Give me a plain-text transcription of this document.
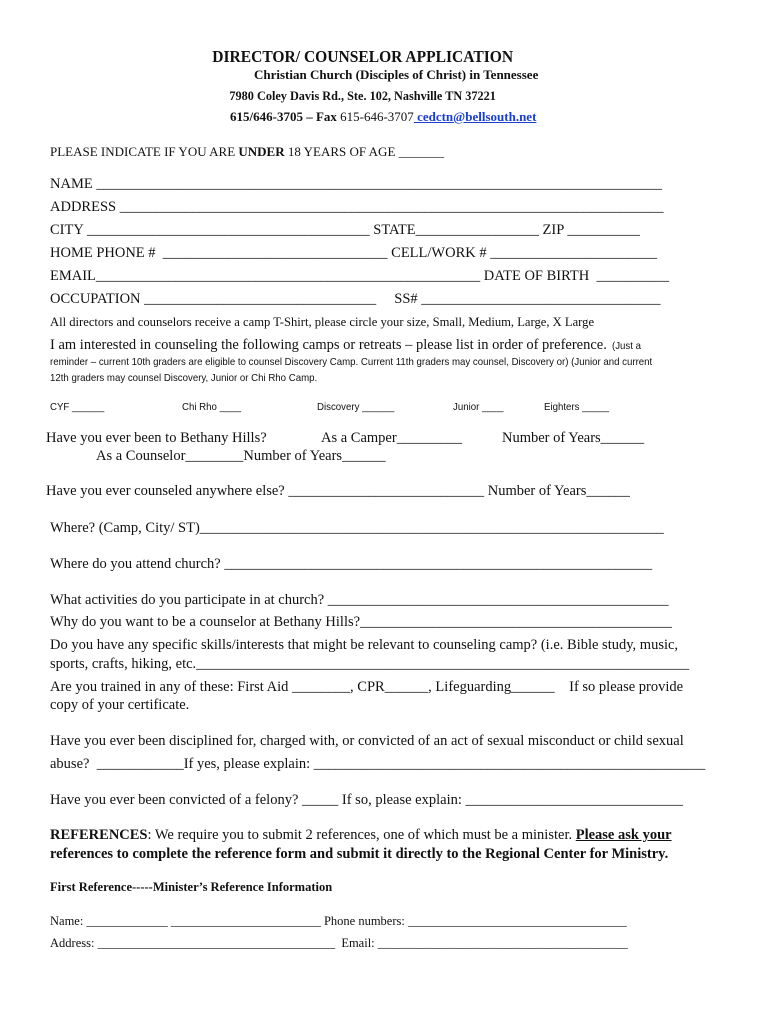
DIRECTOR/ COUNSELOR APPLICATION
Christian Church (Disciples of Christ) in Tennessee
7980 Coley Davis Rd., Ste. 102, Nashville TN 37221
615/646-3705 – Fax 615-646-3707 cedctn@bellsouth.net
PLEASE INDICATE IF YOU ARE UNDER 18 YEARS OF AGE _______
NAME ______________________________________________________________________________
ADDRESS ___________________________________________________________________________
CITY _______________________________________ STATE_________________ ZIP __________
HOME PHONE #  _______________________________ CELL/WORK # _______________________
EMAIL_____________________________________________________ DATE OF BIRTH  __________
OCCUPATION ________________________________     SS# _________________________________
All directors and counselors receive a camp T-Shirt, please circle your size, Small, Medium, Large, X Large
I am interested in counseling the following camps or retreats – please list in order of preference. (Just a
reminder – current 10th graders are eligible to counsel Discovery Camp. Current 11th graders may counsel, Discovery or) (Junior and current
12th graders may counsel Discovery, Junior or Chi Rho Camp.
CYF ______	Chi Rho ____	Discovery ______	Junior ____	Eighters _____
Have you ever been to Bethany Hills?	As a Camper_________	Number of Years______
As a Counselor________Number of Years______
Have you ever counseled anywhere else? ___________________________ Number of Years______
Where? (Camp, City/ ST)________________________________________________________________
Where do you attend church? ___________________________________________________________
What activities do you participate in at church? _______________________________________________
Why do you want to be a counselor at Bethany Hills?___________________________________________
Do you have any specific skills/interests that might be relevant to counseling camp? (i.e. Bible study, music,
sports, crafts, hiking, etc.____________________________________________________________________
Are you trained in any of these: First Aid ________, CPR______, Lifeguarding______    If so please provide
copy of your certificate.
Have you ever been disciplined for, charged with, or convicted of an act of sexual misconduct or child sexual
abuse?  ____________If yes, please explain: ______________________________________________________
Have you ever been convicted of a felony? _____ If so, please explain: ______________________________
REFERENCES: We require you to submit 2 references, one of which must be a minister. Please ask your
references to complete the reference form and submit it directly to the Regional Center for Ministry.
First Reference-----Minister’s Reference Information
Name: _____________ ________________________ Phone numbers: ___________________________________
Address: ______________________________________  Email: ________________________________________
